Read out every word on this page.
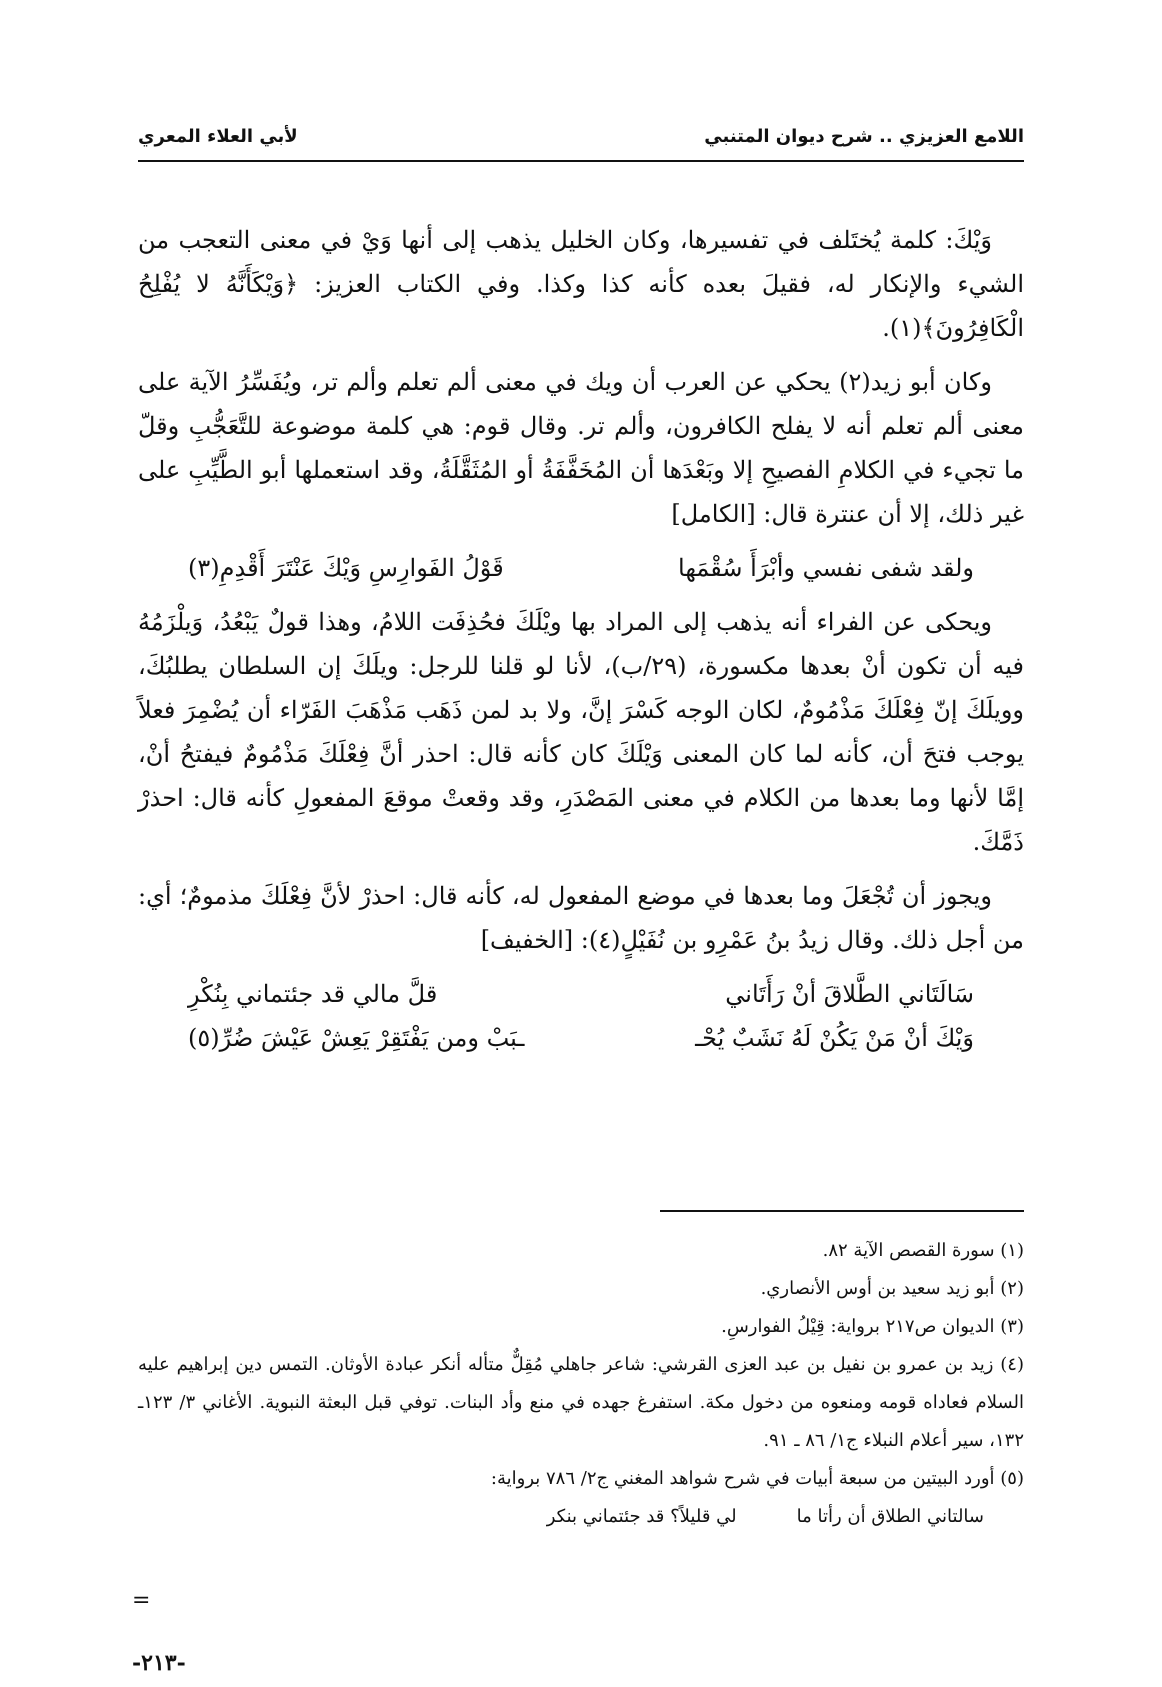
اللامع العزيزي .. شرح ديوان المتنبي
لأبي العلاء المعري

وَيْكَ: كلمة يُختَلف في تفسيرها، وكان الخليل يذهب إلى أنها وَيْ في معنى التعجب من الشيء والإنكار له، فقيلَ بعده كأنه كذا وكذا. وفي الكتاب العزيز: ﴿وَيْكَأَنَّهُ لا يُفْلِحُ الْكَافِرُونَ﴾(١).

وكان أبو زيد(٢) يحكي عن العرب أن ويك في معنى ألم تعلم وألم تر، ويُفَسِّرُ الآية على معنى ألم تعلم أنه لا يفلح الكافرون، وألم تر. وقال قوم: هي كلمة موضوعة للتَّعَجُّبِ وقلّ ما تجيء في الكلامِ الفصيحِ إلا وبَعْدَها أن المُخَفَّفَةُ أو المُثَقَّلَةُ، وقد استعملها أبو الطَّيِّبِ على غير ذلك، إلا أن عنترة قال: [الكامل]

ولقد شفى نفسي وأبْرَأَ سُقْمَها
قَوْلُ الفَوارِسِ وَيْكَ عَنْتَرَ أَقْدِمِ(٣)

ويحكى عن الفراء أنه يذهب إلى المراد بها ويْلَكَ فحُذِفَت اللامُ، وهذا قولٌ يَبْعُدُ، وَيلْزَمُهُ فيه أن تكون أنْ بعدها مكسورة، (٢٩/ب)، لأنا لو قلنا للرجل: ويلَكَ إن السلطان يطلبُكَ، وويلَكَ إنّ فِعْلَكَ مَذْمُومٌ، لكان الوجه كَسْرَ إنَّ، ولا بد لمن ذَهَب مَذْهَبَ الفَرّاء أن يُضْمِرَ فعلاً يوجب فتحَ أن، كأنه لما كان المعنى وَيْلَكَ كان كأنه قال: احذر أنَّ فِعْلَكَ مَذْمُومٌ فيفتحُ أنْ، إمَّا لأنها وما بعدها من الكلام في معنى المَصْدَرِ، وقد وقعتْ موقعَ المفعولِ كأنه قال: احذرْ ذَمَّكَ.

ويجوز أن تُجْعَلَ وما بعدها في موضع المفعول له، كأنه قال: احذرْ لأنَّ فِعْلَكَ مذمومٌ؛ أي: من أجل ذلك. وقال زيدُ بنُ عَمْرِو بن نُفَيْلٍ(٤): [الخفيف]

سَالَتَاني الطَّلاقَ أنْ رَأَتَاني
قلَّ مالي قد جئتماني بِنُكْرِ
وَيْكَ أنْ مَنْ يَكُنْ لَهُ نَشَبٌ يُحْـ
ـبَبْ ومن يَفْتَقِرْ يَعِشْ عَيْشَ ضُرِّ(٥)

(١) سورة القصص الآية ٨٢.

(٢) أبو زيد سعيد بن أوس الأنصاري.

(٣) الديوان ص٢١٧ برواية: قِيْلُ الفوارسِ.

(٤) زيد بن عمرو بن نفيل بن عبد العزى القرشي: شاعر جاهلي مُقِلٌّ متأله أنكر عبادة الأوثان. التمس دين إبراهيم عليه السلام فعاداه قومه ومنعوه من دخول مكة. استفرغ جهده في منع وأد البنات. توفي قبل البعثة النبوية. الأغاني ٣/ ١٢٣ـ ١٣٢، سير أعلام النبلاء ج١/ ٨٦ ـ ٩١.

(٥) أورد البيتين من سبعة أبيات في شرح شواهد المغني ج٢/ ٧٨٦ برواية:

سالتاني الطلاق أن رأتا ما
لي قليلاً؟ قد جئتماني بنكر
=
-٢١٣-
